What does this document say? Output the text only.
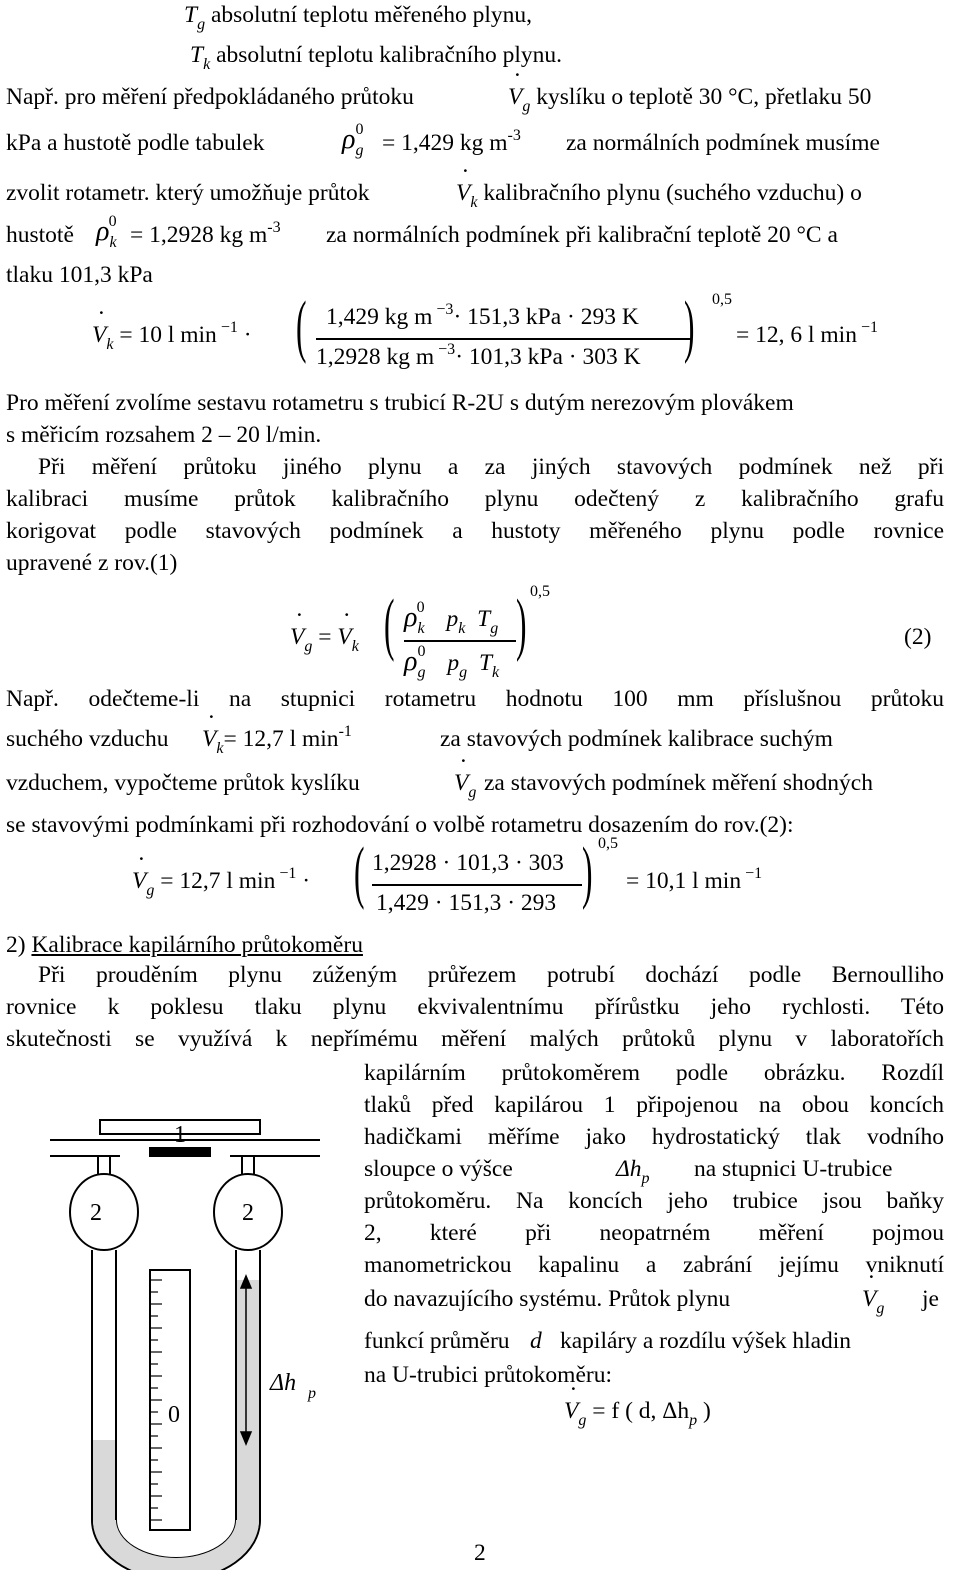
$T_g$ absolutní teplotu měřeného plynu,
$T_k$ absolutní teplotu kalibračního plynu.
Např. pro měření předpokládaného průtoku	˙ $V_g$ kyslíku o teplotě 30 °C, přetlaku 50
kPa a hustotě podle tabulek	$\rho_g^0$
= 1,429 kg $m^{-3}$ za normálních podmínek musíme
zvolit rotametr. který umožňuje průtok	˙ $V_k$ kalibračního plynu (suchého vzduchu) o
hustotě $\rho_k^0$
= 1,2928 kg $m^{-3}$ za normálních podmínek při kalibrační teplotě 20 °C a
tlaku 101,3 kPa
˙ $V_k = 10$ l min $^{-1}$ · ( 1,429 kg m $^{-3}$· 151,3 kPa · 293 K
1,2928 kg m $^{-3}$· 101,3 kPa · 303 K ) 0,5
= 12, 6 l min $^{-1}$
Pro měření zvolíme sestavu rotametru s trubicí R-2U s dutým nerezovým plovákem
s měřicím rozsahem 2 – 20 l/min.
Při měření průtoku jiného plynu a za jiných stavových podmínek než při
kalibraci musíme průtok kalibračního plynu odečtený z kalibračního grafu
korigovat podle stavových podmínek a hustoty měřeného plynu podle rovnice
upravené z rov.(1)
˙ $V_g$ = ˙ $V_k$ ( $\rho_k^0$ $p_k$ $T_g$
$\rho_g^0$ $p_g$ $T_k$
) 0,5
(2)
Např. odečteme-li na stupnici rotametru hodnotu 100 mm příslušnou průtoku
suchého vzduchu ˙ $V_k= 12,7$ l $\min^{-1}$	za stavových podmínek kalibrace suchým
vzduchem, vypočteme průtok kyslíku	˙ $V_g$ za stavových podmínek měření shodných
se stavovými podmínkami při rozhodování o volbě rotametru dosazením do rov.(2):
˙ $V_g = 12,7$ l min $^{-1}$ · ( 1,2928 · 101,3 · 303
1,429 · 151,3 · 293 ) 0,5
= 10,1 l min $^{-1}$
2) Kalibrace kapilárního průtokoměru
Při prouděním plynu zúženým průřezem potrubí dochází podle Bernoulliho
rovnice k poklesu tlaku plynu ekvivalentnímu přírůstku jeho rychlosti. Této
skutečnosti se využívá k nepřímému měření malých průtoků plynu v laboratořích
kapilárním průtokoměrem podle obrázku. Rozdíl
tlaků před kapilárou 1 připojenou na obou koncích
hadičkami měříme jako hydrostatický tlak vodního
sloupce o výšce	$\Delta h_p$ na stupnici U-trubice
průtokoměru. Na koncích jeho trubice jsou baňky
2, které při neopatrném měření pojmou
manometrickou kapalinu a zabrání jejímu vniknutí
do navazujícího systému. Průtok plynu	˙ $V_g$ je
funkcí průměru d kapiláry a rozdílu výšek hladin
na U-trubici průtokoměru:
˙ $V_g = f$ ( d, $\Delta h_p$ )
1
2	2
0
Δh p
2
